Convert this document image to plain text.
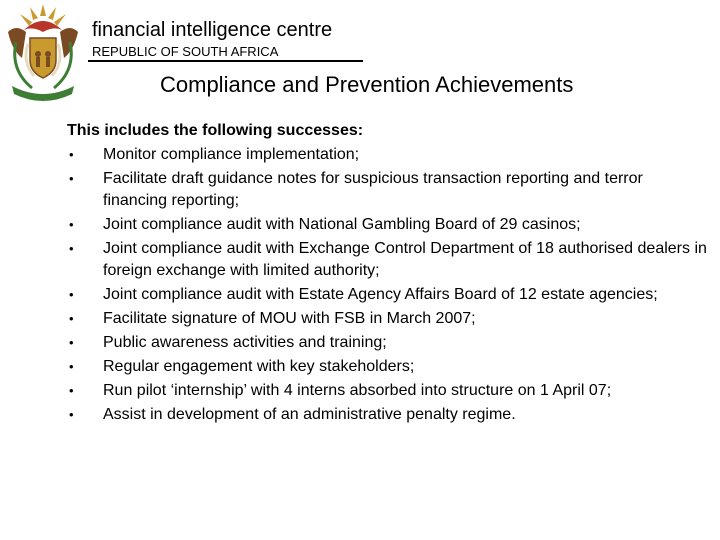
financial intelligence centre
REPUBLIC OF SOUTH AFRICA
Compliance and Prevention Achievements
This includes the following successes:
• Monitor compliance implementation;
• Facilitate draft guidance notes for suspicious transaction reporting and terror financing reporting;
• Joint compliance audit with National Gambling Board of 29 casinos;
• Joint compliance audit with Exchange Control Department of 18 authorised dealers in foreign exchange with limited authority;
• Joint compliance audit with Estate Agency Affairs Board of 12 estate agencies;
• Facilitate signature of MOU with FSB in March 2007;
• Public awareness activities and training;
• Regular engagement with key stakeholders;
• Run pilot ‘internship’ with 4 interns absorbed into structure on 1 April 07;
• Assist in development of an administrative penalty regime.
